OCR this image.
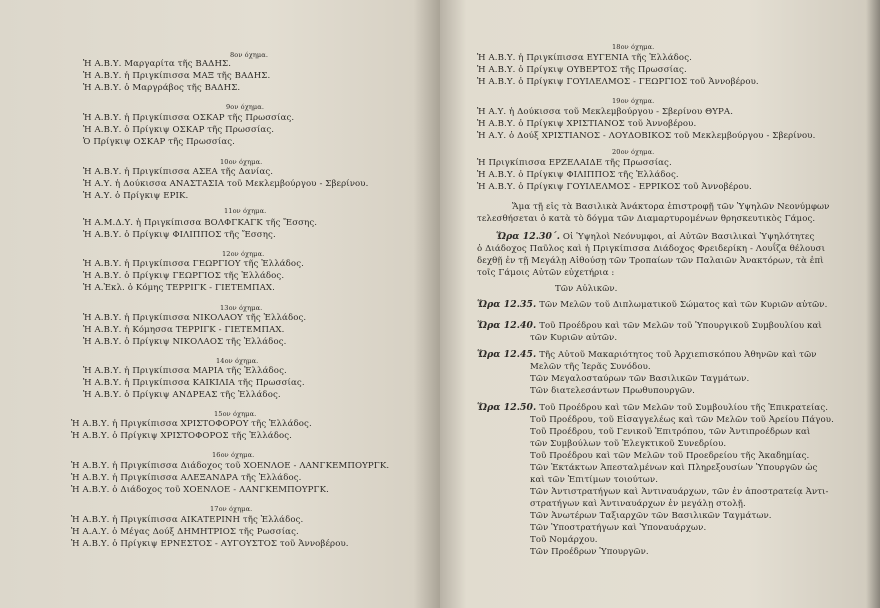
8ον όχημα.
Ἡ Α.Β.Υ. Μαργαρίτα τῆς ΒΑΔΗΣ.
Ἡ Α.Β.Υ. ἡ Πριγκίπισσα ΜΑΞ τῆς ΒΑΔΗΣ.
Ἡ Α.Β.Υ. ὁ Μαργράβος τῆς ΒΑΔΗΣ.
9ον όχημα.
Ἡ Α.Β.Υ. ἡ Πριγκίπισσα ΟΣΚΑΡ τῆς Πρωσσίας.
Ἡ Α.Β.Υ. ὁ Πρίγκιψ ΟΣΚΑΡ τῆς Πρωσσίας.
Ὁ Πρίγκιψ ΟΣΚΑΡ τῆς Πρωσσίας.
10ον όχημα.
Ἡ Α.Β.Υ. ἡ Πριγκίπισσα ΑΣΕΑ τῆς Δανίας.
Ἡ Α.Υ. ἡ Δούκισσα ΑΝΑΣΤΑΣΙΑ τοῦ Μεκλεμβούργου - Σβερίνου.
Ἡ Α.Υ. ὁ Πρίγκιψ ΕΡΙΚ.
11ον όχημα.
Ἡ Α.Μ.Δ.Υ. ἡ Πριγκίπισσα ΒΟΛΦΓΚΑΓΚ τῆς Ἔσσης.
Ἡ Α.Β.Υ. ὁ Πρίγκιψ ΦΙΛΙΠΠΟΣ τῆς Ἔσσης.
12ον όχημα.
Ἡ Α.Β.Υ. ἡ Πριγκίπισσα ΓΕΩΡΓΙΟΥ τῆς Ἑλλάδος.
Ἡ Α.Β.Υ. ὁ Πρίγκιψ ΓΕΩΡΓΙΟΣ τῆς Ἑλλάδος.
Ἡ Α.Ἐκλ. ὁ Κόμης ΤΕΡΡΙΓΚ - ΓΙΕΤΕΜΠΑΧ.
13ον όχημα.
Ἡ Α.Β.Υ. ἡ Πριγκίπισσα ΝΙΚΟΛΑΟΥ τῆς Ἑλλάδος.
Ἡ Α.Β.Υ. ἡ Κόμησσα ΤΕΡΡΙΓΚ - ΓΙΕΤΕΜΠΑΧ.
Ἡ Α.Β.Υ. ὁ Πρίγκιψ ΝΙΚΟΛΑΟΣ τῆς Ἑλλάδος.
14ον όχημα.
Ἡ Α.Β.Υ. ἡ Πριγκίπισσα ΜΑΡΙΑ τῆς Ἑλλάδος.
Ἡ Α.Β.Υ. ἡ Πριγκίπισσα ΚΑΙΚΙΛΙΑ τῆς Πρωσσίας.
Ἡ Α.Β.Υ. ὁ Πρίγκιψ ΑΝΔΡΕΑΣ τῆς Ἑλλάδος.
15ον όχημα.
Ἡ Α.Β.Υ. ἡ Πριγκίπισσα ΧΡΙΣΤΟΦΟΡΟΥ τῆς Ἑλλάδος.
Ἡ Α.Β.Υ. ὁ Πρίγκιψ ΧΡΙΣΤΟΦΟΡΟΣ τῆς Ἑλλάδος.
16ον όχημα.
Ἡ Α.Β.Υ. ἡ Πριγκίπισσα Διάδοχος τοῦ ΧΟΕΝΛΟΕ - ΛΑΝΓΚΕΜΠΟΥΡΓΚ.
Ἡ Α.Β.Υ. ἡ Πριγκίπισσα ΑΛΕΞΑΝΔΡΑ τῆς Ἑλλάδος.
Ἡ Α.Β.Υ. ὁ Διάδοχος τοῦ ΧΟΕΝΛΟΕ - ΛΑΝΓΚΕΜΠΟΥΡΓΚ.
17ον όχημα.
Ἡ Α.Β.Υ. ἡ Πριγκίπισσα ΑΙΚΑΤΕΡΙΝΗ τῆς Ἑλλάδος.
Ἡ Α.Α.Υ. ὁ Μέγας Δούξ ΔΗΜΗΤΡΙΟΣ τῆς Ρωσσίας.
Ἡ Α.Β.Υ. ὁ Πρίγκιψ ΕΡΝΕΣΤΟΣ - ΑΥΓΟΥΣΤΟΣ τοῦ Ἀννοβέρου.
18ον όχημα.
Ἡ Α.Β.Υ. ἡ Πριγκίπισσα ΕΥΓΕΝΙΑ τῆς Ἑλλάδος.
Ἡ Α.Β.Υ. ὁ Πρίγκιψ ΟΥΒΕΡΤΟΣ τῆς Πρωσσίας.
Ἡ Α.Β.Υ. ὁ Πρίγκιψ ΓΟΥΙΛΕΛΜΟΣ - ΓΕΩΡΓΙΟΣ τοῦ Ἀννοβέρου.
19ον όχημα.
Ἡ Α.Υ. ἡ Δούκισσα τοῦ Μεκλεμβούργου - Σβερίνου ΘΥΡΑ.
Ἡ Α.Β.Υ. ὁ Πρίγκιψ ΧΡΙΣΤΙΑΝΟΣ τοῦ Ἀννοβέρου.
Ἡ Α.Υ. ὁ Δούξ ΧΡΙΣΤΙΑΝΟΣ - ΛΟΥΔΟΒΙΚΟΣ τοῦ Μεκλεμβούργου - Σβερίνου.
20ον όχημα.
Ἡ Πριγκίπισσα ΕΡΖΕΛΑΙΔΕ τῆς Πρωσσίας.
Ἡ Α.Β.Υ. ὁ Πρίγκιψ ΦΙΛΙΠΠΟΣ τῆς Ἑλλάδος.
Ἡ Α.Β.Υ. ὁ Πρίγκιψ ΓΟΥΙΛΕΛΜΟΣ - ΕΡΡΙΚΟΣ τοῦ Ἀννοβέρου.
Ἅμα τῇ εἰς τὰ Βασιλικὰ Ἀνάκτορα ἐπιστροφῇ τῶν Ὑψηλῶν Νεονύμφων
τελεσθήσεται ὁ κατὰ τὸ δόγμα τῶν Διαμαρτυρομένων θρησκευτικὸς Γάμος.
Ὥρα 12.30΄. Οἱ Ὑψηλοὶ Νεόνυμφοι, αἱ Αὐτῶν Βασιλικαὶ Ὑψηλότητες
ὁ Διάδοχος Παῦλος καὶ ἡ Πριγκίπισσα Διάδοχος Φρειδερίκη - Λουΐζα θέλουσι
δεχθῇ ἐν τῇ Μεγάλῃ Αἰθούσῃ τῶν Τροπαίων τῶν Παλαιῶν Ἀνακτόρων, τὰ ἐπὶ
τοῖς Γάμοις Αὐτῶν εὐχετήρια :
Τῶν Αὐλικῶν.
Ὥρα 12.35. Τῶν Μελῶν τοῦ Διπλωματικοῦ Σώματος καὶ τῶν Κυριῶν αὐτῶν.
Ὥρα 12.40. Τοῦ Προέδρου καὶ τῶν Μελῶν τοῦ Ὑπουργικοῦ Συμβουλίου καὶ
τῶν Κυριῶν αὐτῶν.
Ὥρα 12.45. Τῆς Αὐτοῦ Μακαριότητος τοῦ Ἀρχιεπισκόπου Ἀθηνῶν καὶ τῶν
Μελῶν τῆς Ἱερᾶς Συνόδου.
Τῶν Μεγαλοσταύρων τῶν Βασιλικῶν Ταγμάτων.
Τῶν διατελεσάντων Πρωθυπουργῶν.
Ὥρα 12.50. Τοῦ Προέδρου καὶ τῶν Μελῶν τοῦ Συμβουλίου τῆς Ἐπικρατείας.
Τοῦ Προέδρου, τοῦ Εἰσαγγελέως καὶ τῶν Μελῶν τοῦ Ἀρείου Πάγου.
Τοῦ Προέδρου, τοῦ Γενικοῦ Ἐπιτρόπου, τῶν Ἀντιπροέδρων καὶ
τῶν Συμβούλων τοῦ Ἐλεγκτικοῦ Συνεδρίου.
Τοῦ Προέδρου καὶ τῶν Μελῶν τοῦ Προεδρείου τῆς Ἀκαδημίας.
Τῶν Ἐκτάκτων Ἀπεσταλμένων καὶ Πληρεξουσίων Ὑπουργῶν ὡς
καὶ τῶν Ἐπιτίμων τοιούτων.
Τῶν Ἀντιστρατήγων καὶ Ἀντιναυάρχων, τῶν ἐν ἀποστρατείᾳ Ἀντι-
στρατήγων καὶ Ἀντιναυάρχων ἐν μεγάλῃ στολῇ.
Τῶν Ἀνωτέρων Ταξιαρχῶν τῶν Βασιλικῶν Ταγμάτων.
Τῶν Ὑποστρατήγων καὶ Ὑποναυάρχων.
Τοῦ Νομάρχου.
Τῶν Προέδρων Ὑπουργῶν.
